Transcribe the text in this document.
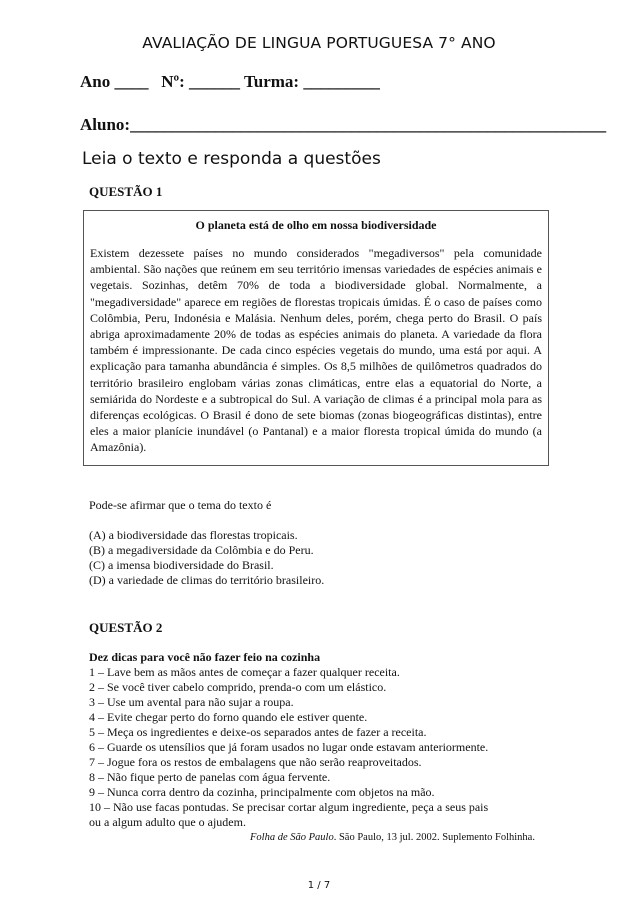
AVALIAÇÃO DE LINGUA PORTUGUESA 7° ANO
Ano ____   Nº: ______ Turma: _________
Aluno:________________________________________________________
Leia o texto e responda a questões
QUESTÃO 1
O planeta está de olho em nossa biodiversidade
Existem dezessete países no mundo considerados "megadiversos" pela comunidade ambiental. São nações que reúnem em seu território imensas variedades de espécies animais e vegetais. Sozinhas, detêm 70% de toda a biodiversidade global. Normalmente, a "megadiversidade" aparece em regiões de florestas tropicais úmidas. É o caso de países como Colômbia, Peru, Indonésia e Malásia. Nenhum deles, porém, chega perto do Brasil. O país abriga aproximadamente 20% de todas as espécies animais do planeta. A variedade da flora também é impressionante. De cada cinco espécies vegetais do mundo, uma está por aqui. A explicação para tamanha abundância é simples. Os 8,5 milhões de quilômetros quadrados do território brasileiro englobam várias zonas climáticas, entre elas a equatorial do Norte, a semiárida do Nordeste e a subtropical do Sul. A variação de climas é a principal mola para as diferenças ecológicas. O Brasil é dono de sete biomas (zonas biogeográficas distintas), entre eles a maior planície inundável (o Pantanal) e a maior floresta tropical úmida do mundo (a Amazônia).
Pode-se afirmar que o tema do texto é
(A) a biodiversidade das florestas tropicais.
(B) a megadiversidade da Colômbia e do Peru.
(C) a imensa biodiversidade do Brasil.
(D) a variedade de climas do território brasileiro.
QUESTÃO 2
Dez dicas para você não fazer feio na cozinha
1 – Lave bem as mãos antes de começar a fazer qualquer receita.
2 – Se você tiver cabelo comprido, prenda-o com um elástico.
3 – Use um avental para não sujar a roupa.
4 – Evite chegar perto do forno quando ele estiver quente.
5 – Meça os ingredientes e deixe-os separados antes de fazer a receita.
6 – Guarde os utensílios que já foram usados no lugar onde estavam anteriormente.
7 – Jogue fora os restos de embalagens que não serão reaproveitados.
8 – Não fique perto de panelas com água fervente.
9 – Nunca corra dentro da cozinha, principalmente com objetos na mão.
10 – Não use facas pontudas. Se precisar cortar algum ingrediente, peça a seus pais
ou a algum adulto que o ajudem.
Folha de São Paulo. São Paulo, 13 jul. 2002. Suplemento Folhinha.
1 / 7
